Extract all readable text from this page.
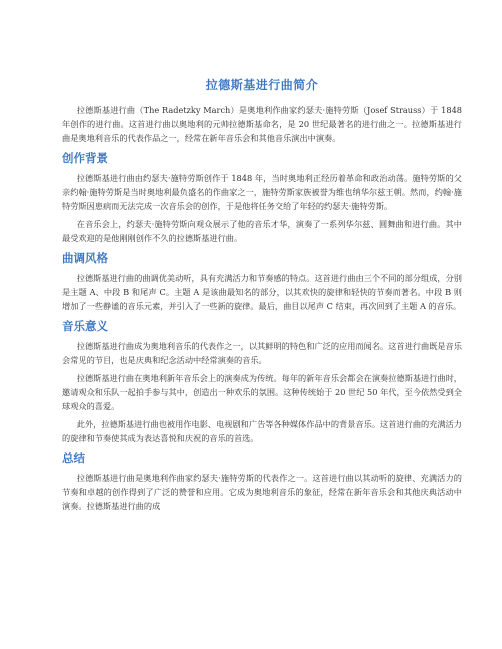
拉德斯基进行曲简介

拉德斯基进行曲（The Radetzky March）是奥地利作曲家约瑟夫·施特劳斯（Josef Strauss）于 1848 年创作的进行曲。这首进行曲以奥地利的元帅拉德斯基命名，是 20 世纪最著名的进行曲之一。拉德斯基进行曲是奥地利音乐的代表作品之一，经常在新年音乐会和其他音乐演出中演奏。

创作背景

拉德斯基进行曲由约瑟夫·施特劳斯创作于 1848 年，当时奥地利正经历着革命和政治动荡。施特劳斯的父亲约翰·施特劳斯是当时奥地利最负盛名的作曲家之一，施特劳斯家族被誉为维也纳华尔兹王朝。然而，约翰·施特劳斯因患病而无法完成一次音乐会的创作，于是他将任务交给了年轻的约瑟夫·施特劳斯。

在音乐会上，约瑟夫·施特劳斯向观众展示了他的音乐才华，演奏了一系列华尔兹、圆舞曲和进行曲。其中最受欢迎的是他刚刚创作不久的拉德斯基进行曲。

曲调风格

拉德斯基进行曲的曲调优美动听，具有充满活力和节奏感的特点。这首进行曲由三个不同的部分组成，分别是主题 A、中段 B 和尾声 C。主题 A 是该曲最知名的部分，以其欢快的旋律和轻快的节奏而著名。中段 B 则增加了一些静谧的音乐元素，并引入了一些新的旋律。最后，曲目以尾声 C 结束，再次回到了主题 A 的音乐。

音乐意义

拉德斯基进行曲成为奥地利音乐的代表作之一，以其鲜明的特色和广泛的应用而闻名。这首进行曲既是音乐会常见的节目，也是庆典和纪念活动中经常演奏的音乐。

拉德斯基进行曲在奥地利新年音乐会上的演奏成为传统。每年的新年音乐会都会在演奏拉德斯基进行曲时，邀请观众和乐队一起拍手参与其中，创造出一种欢乐的氛围。这种传统始于 20 世纪 50 年代，至今依然受到全球观众的喜爱。

此外，拉德斯基进行曲也被用作电影、电视剧和广告等各种媒体作品中的背景音乐。这首进行曲的充满活力的旋律和节奏使其成为表达喜悦和庆祝的音乐的首选。

总结

拉德斯基进行曲是奥地利作曲家约瑟夫·施特劳斯的代表作之一。这首进行曲以其动听的旋律、充满活力的节奏和卓越的创作得到了广泛的赞誉和应用。它成为奥地利音乐的象征，经常在新年音乐会和其他庆典活动中演奏。拉德斯基进行曲的成
